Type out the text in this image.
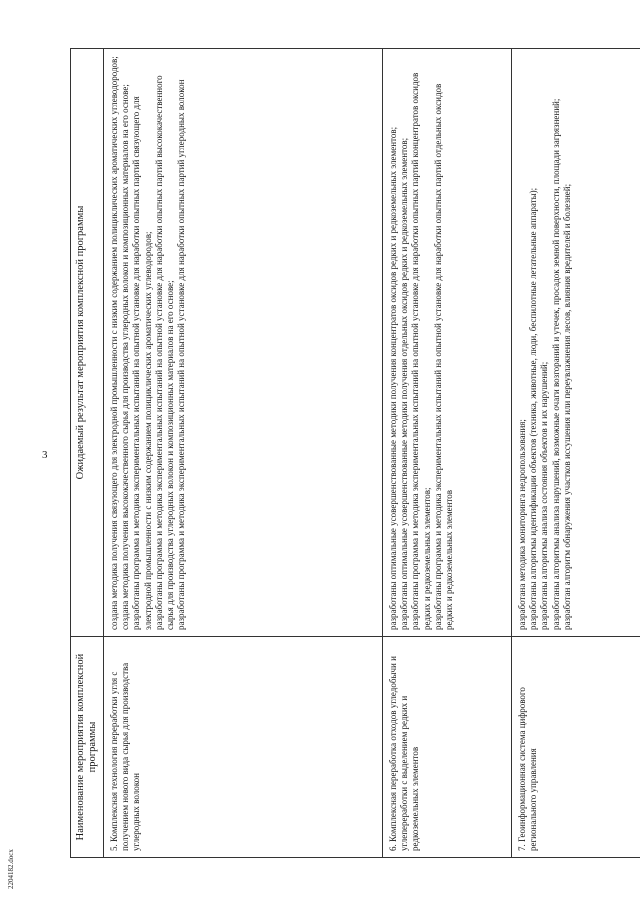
3
Наименование мероприятия комплексной программы	Ожидаемый результат мероприятия комплексной программы
5. Комплексная технология переработки угля с получением нового вида сырья для производства углеродных волокон	создана методика получения связующего для электродной промышленности с низким содержанием полициклических ароматических углеводородов; создана методика получения высококачественного сырья для производства углеродных волокон и композиционных материалов на его основе; разработаны программа и методика экспериментальных испытаний на опытной установке для наработки опытных партий связующего для электродной промышленности с низким содержанием полициклических ароматических углеводородов; разработаны программа и методика экспериментальных испытаний на опытной установке для наработки опытных партий высококачественного сырья для производства углеродных волокон и композиционных материалов на его основе; разработаны программа и методика экспериментальных испытаний на опытной установке для наработки опытных партий углеродных волокон

6. Комплексная переработка отходов угледобычи и углепереработки с выделением редких и редкоземельных элементов	разработаны оптимальные усовершенствованные методики получения концентратов оксидов редких и редкоземельных элементов; разработаны оптимальные усовершенствованные методики получения отдельных оксидов редких и редкоземельных элементов; разработаны программа и методика экспериментальных испытаний на опытной установке для наработки опытных партий концентратов оксидов редких и редкоземельных элементов; разработаны программа и методика экспериментальных испытаний на опытной установке для наработки опытных партий отдельных оксидов редких и редкоземельных элементов

7. Геоинформационная система цифрового регионального управления	разработана методика мониторинга недропользования; разработаны алгоритмы идентификации объектов (техника, животные, люди, беспилотные летательные аппараты); разработаны алгоритмы анализа состояния объектов и их нарушений; разработаны алгоритмы анализа нарушений, возможные очаги возгораний и утечек, просадок земной поверхности, площади загрязнений; разработан алгоритм обнаружения участков иссушения или переувлажнения лесов, влияния вредителей и болезней;
2204182.docx
